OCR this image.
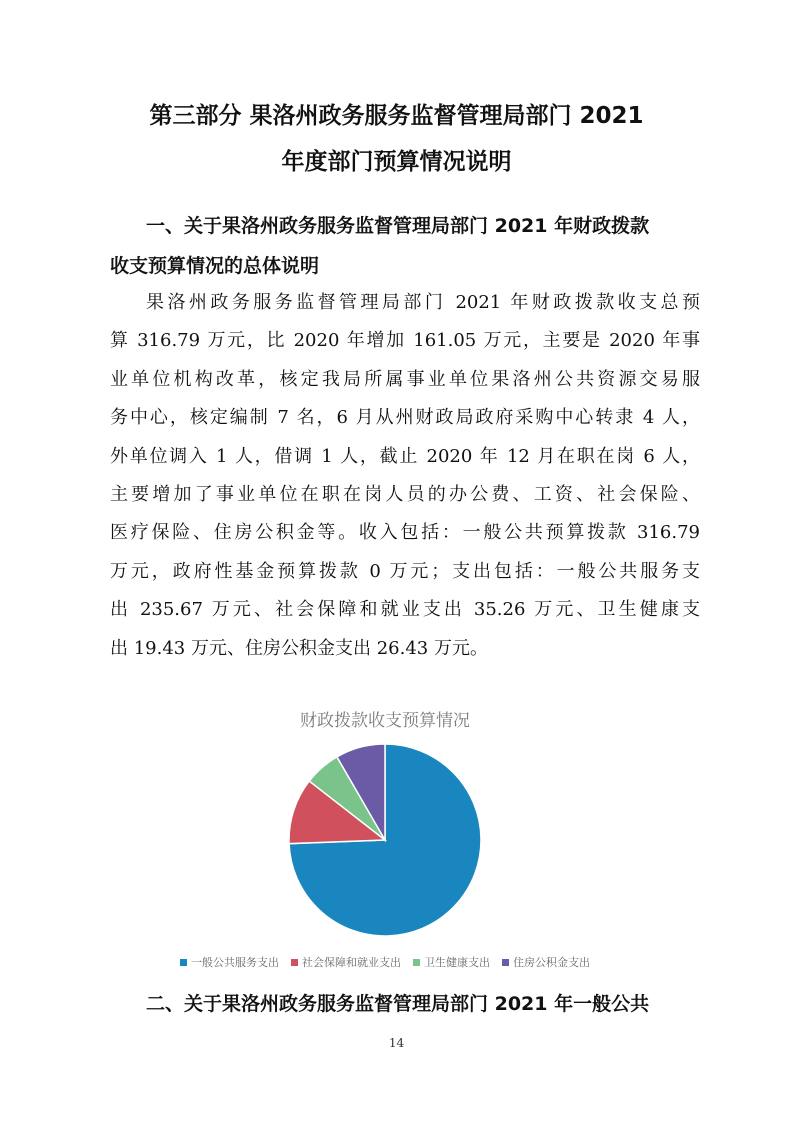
第三部分 果洛州政务服务监督管理局部门 2021
年度部门预算情况说明
一、关于果洛州政务服务监督管理局部门 2021 年财政拨款
收支预算情况的总体说明

果洛州政务服务监督管理局部门 2021 年财政拨款收支总预
算 316.79 万元，比 2020 年增加 161.05 万元，主要是 2020 年事
业单位机构改革，核定我局所属事业单位果洛州公共资源交易服
务中心，核定编制 7 名，6 月从州财政局政府采购中心转隶 4 人，
外单位调入 1 人，借调 1 人，截止 2020 年 12 月在职在岗 6 人，
主要增加了事业单位在职在岗人员的办公费、工资、社会保险、
医疗保险、住房公积金等。收入包括：一般公共预算拨款 316.79
万元，政府性基金预算拨款 0 万元；支出包括：一般公共服务支
出 235.67 万元、社会保障和就业支出 35.26 万元、卫生健康支
出 19.43 万元、住房公积金支出 26.43 万元。

财政拨款收支预算情况
一般公共服务支出 社会保障和就业支出 卫生健康支出 住房公积金支出
二、关于果洛州政务服务监督管理局部门 2021 年一般公共
14
